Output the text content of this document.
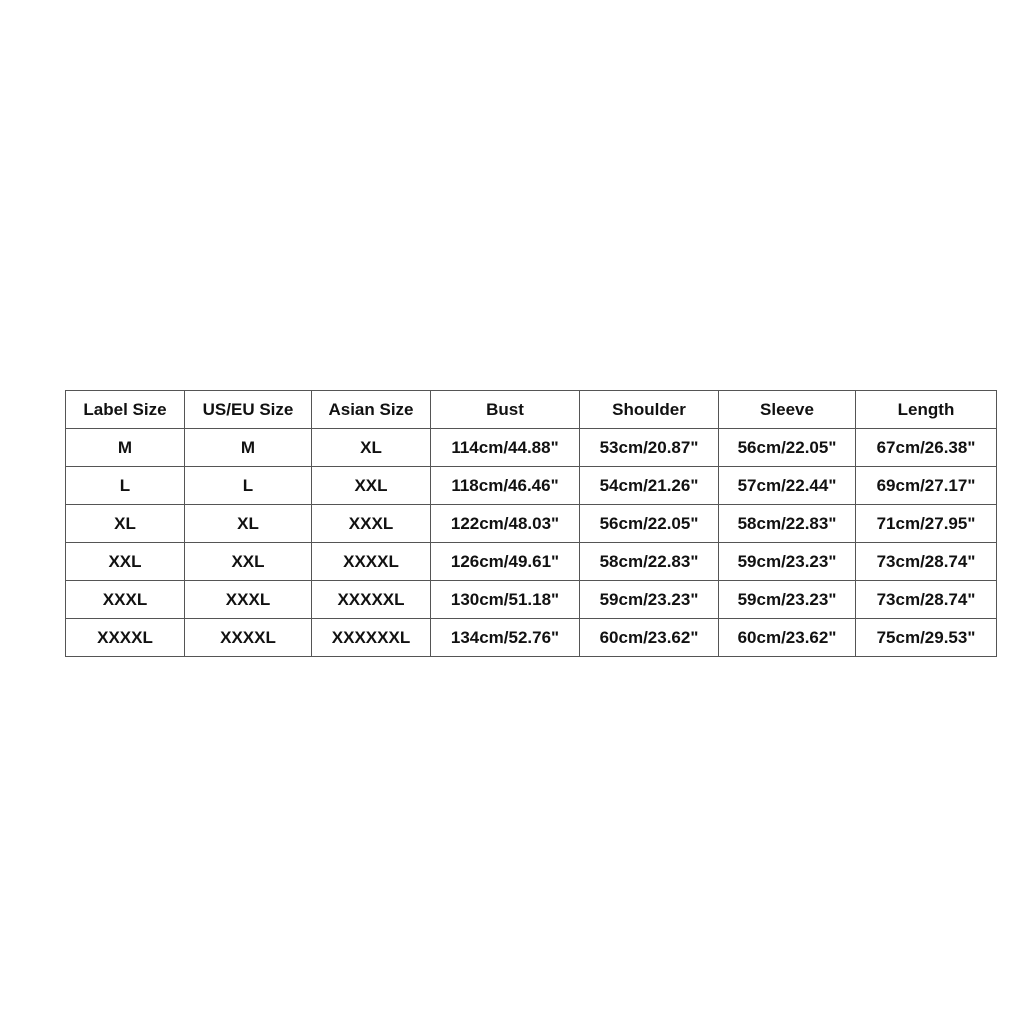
Label Size	US/EU Size	Asian Size	Bust	Shoulder	Sleeve	Length
M	M	XL	114cm/44.88"	53cm/20.87"	56cm/22.05"	67cm/26.38"
L	L	XXL	118cm/46.46"	54cm/21.26"	57cm/22.44"	69cm/27.17"
XL	XL	XXXL	122cm/48.03"	56cm/22.05"	58cm/22.83"	71cm/27.95"
XXL	XXL	XXXXL	126cm/49.61"	58cm/22.83"	59cm/23.23"	73cm/28.74"
XXXL	XXXL	XXXXXL	130cm/51.18"	59cm/23.23"	59cm/23.23"	73cm/28.74"
XXXXL	XXXXL	XXXXXXL	134cm/52.76"	60cm/23.62"	60cm/23.62"	75cm/29.53"
